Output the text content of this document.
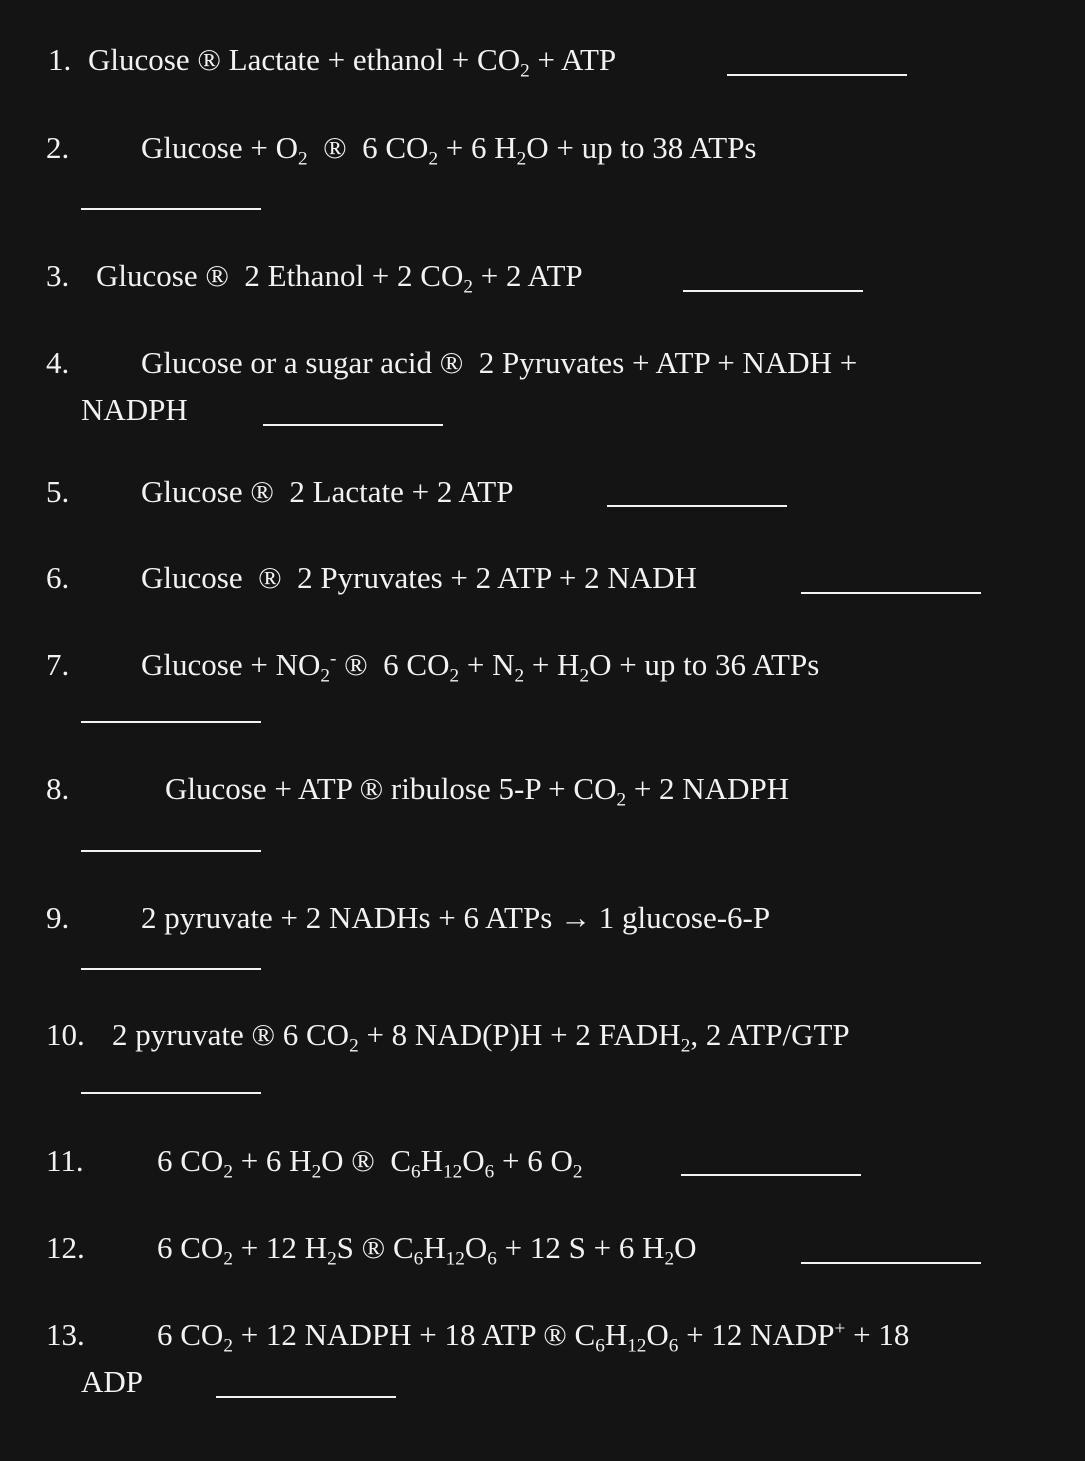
1. Glucose ® Lactate + ethanol + $CO_2$ + ATP
2. $Glucose + O_2$  ®  6 $CO_2 + 6$ $H_2O$ + up to 38 ATPs
3. Glucose ®  2 Ethanol + 2 $CO_2 + 2$ ATP
4. Glucose or a sugar acid ®  2 Pyruvates + ATP + NADH +
NADPH
5. Glucose ®  2 Lactate + 2 ATP
6. Glucose  ®  2 Pyruvates + 2 ATP + 2 NADH
7. $Glucose + NO_2^-$ ®  6 $CO_2 + N_2 + H_2O$ + up to 36 ATPs
8.	Glucose + ATP ® ribulose $5-P + CO_2 + 2$ NADPH
9. 2 pyruvate + 2 NADHs + 6 ATPs → 1 glucose-6-P
10. 2 pyruvate ® 6 $CO_2 + 8$ NAD(P)H + 2 $FADH_2$, 2 ATP/GTP
11. 6 $CO_2 + 6$ $H_2O$ ®  $C_6H_{12}O_6 + 6$ $O_2$
12. 6 $CO_2 + 12$ $H_2S$ ® $C_6H_{12}O_6 + 12$ S + 6 $H_2O$
13. 6 $CO_2 + 12$ NADPH + 18 ATP ® $C_6H_{12}O_6 + 12$ NADP+ + 18
ADP
